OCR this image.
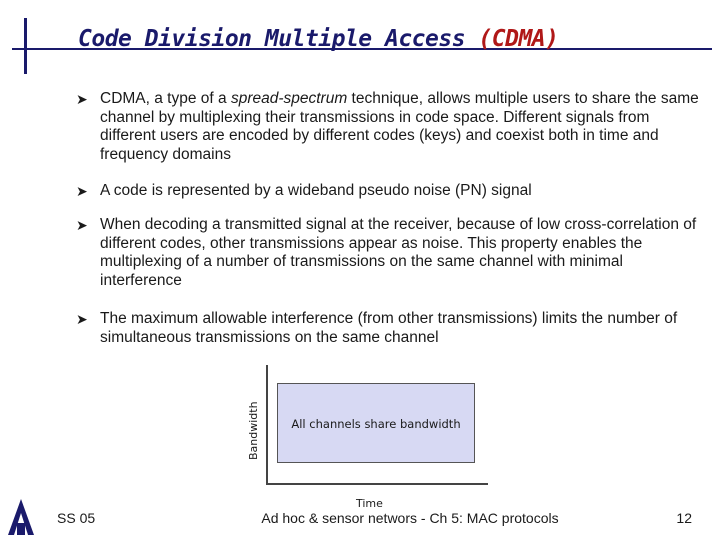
Code Division Multiple Access (CDMA)
➤ CDMA, a type of a spread-spectrum technique, allows multiple users to share the same channel by multiplexing their transmissions in code space. Different signals from different users are encoded by different codes (keys) and coexist both in time and frequency domains
➤ A code is represented by a wideband pseudo noise (PN) signal
➤ When decoding a transmitted signal at the receiver, because of low cross-correlation of different codes, other transmissions appear as noise. This property enables the multiplexing of a number of transmissions on the same channel with minimal interference
➤ The maximum allowable interference (from other transmissions) limits the number of simultaneous transmissions on the same channel
Bandwidth	All channels share bandwidth
Time
SS 05	Ad hoc & sensor networs - Ch 5: MAC protocols	12
